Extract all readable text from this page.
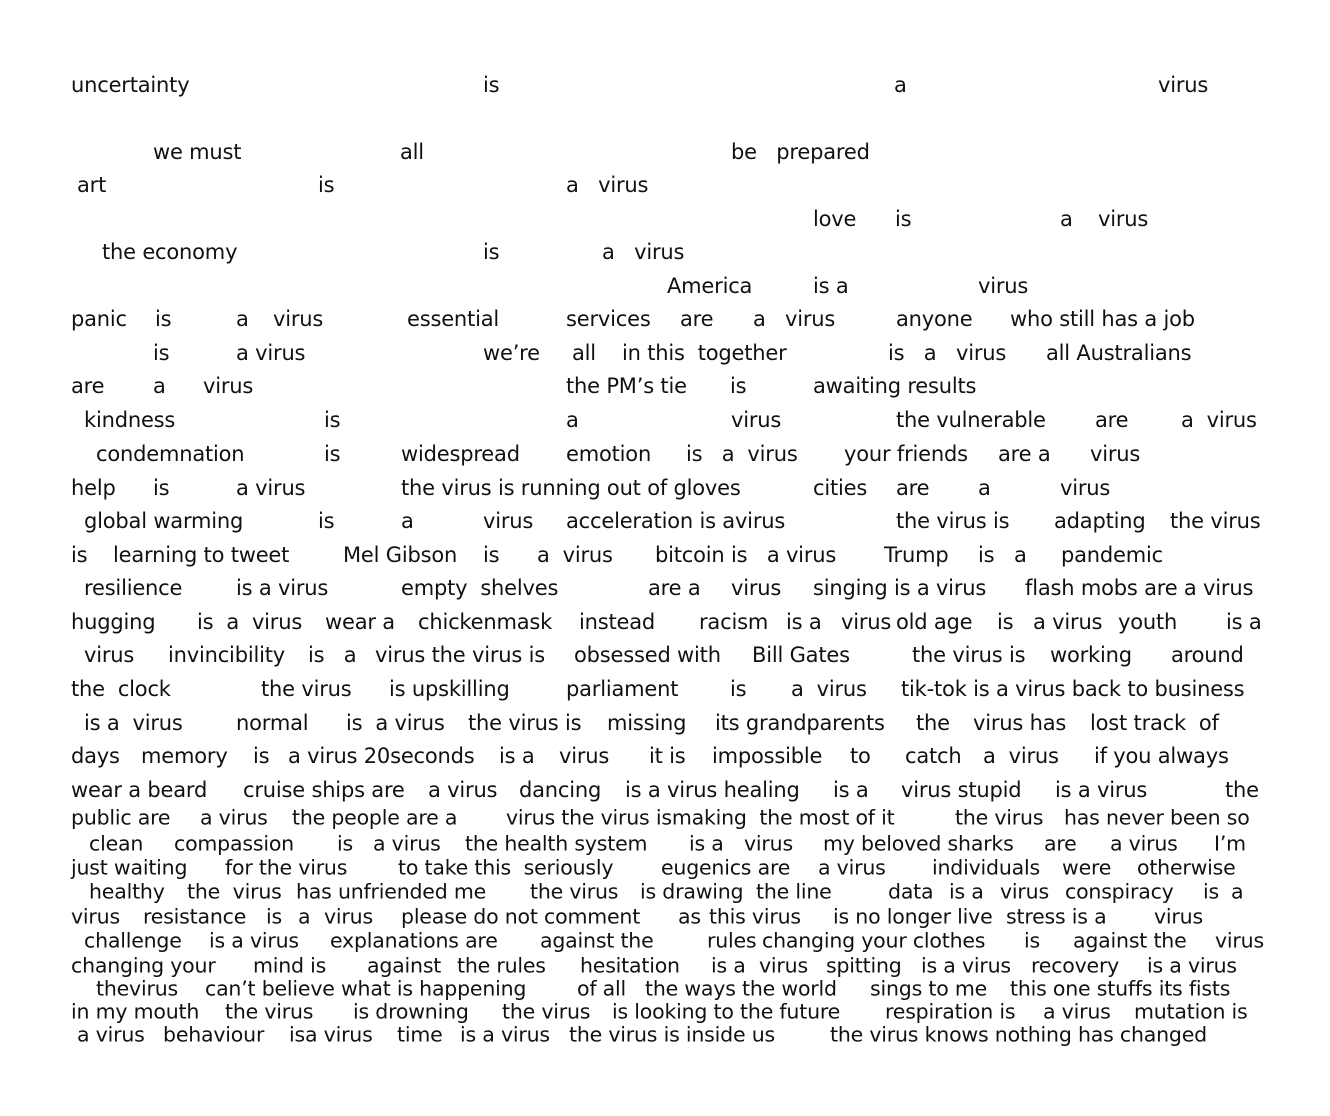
uncertainty	is	a	virus
we must	all	be   prepared
art	is	a   virus
love is	a virus
the economy	is	a   virus
America	is a	virus
panic is	a virus	essential	services are a virus	anyone who still has a job
is	a virus	we’re all in this  together	is   a virus all Australians
are a virus	the PM’s tie is	awaiting results
kindness	is	a	virus	the vulnerable are	a  virus
condemnation	is	widespread emotion is   a  virus your friends are a virus
help is	a virus	the virus is running out of gloves	cities are a	virus
global warming	is	a	virus acceleration is avirus	the virus is adapting the virus
is learning to tweet	Mel Gibson is a  virus bitcoin is   a virus Trump is a pandemic
resilience	is a virus	empty  shelves	are a virus singing is a virus flash mobs are a virus
hugging is  a  virus wear a chickenmask instead racism is a virus old age is a virus youth is a
virus invincibility is   a virus the virus is obsessed with Bill Gates	the virus is working around
the  clock	the virus is upskilling	parliament is a  virus tik-tok is a virus back to business
is a  virus	normal is  a virus the virus is missing its grandparents the virus has lost track  of
days memory is a virus 20seconds is a virus it is impossible to catch a  virus if you always
wear a beard cruise ships are a virus dancing is a virus healing is a virus stupid is a virus	the
public are a virus the people are a virus the virus ismaking  the most of it	the virus has never been so
clean compassion is a virus the health system is a virus my beloved sharks are a virus I’m
just waiting for the virus to take this  seriously eugenics are a virus individuals were otherwise
healthy the  virus has unfriended me the virus is drawing  the line	data is a virus conspiracy is a
virus resistance is a virus please do not comment as this virus is no longer live stress is a virus
challenge is a virus explanations are against the	rules changing your clothes is against the virus
changing your mind is against the rules hesitation is a virus spitting is a virus recovery is a virus
thevirus can’t believe what is happening of all the ways the world sings to me this one stuffs its fists
in my mouth the virus is drowning the virus is looking to the future respiration is a virus mutation is
a virus behaviour isa virus time is a virus the virus is inside us	the virus knows nothing has changed
